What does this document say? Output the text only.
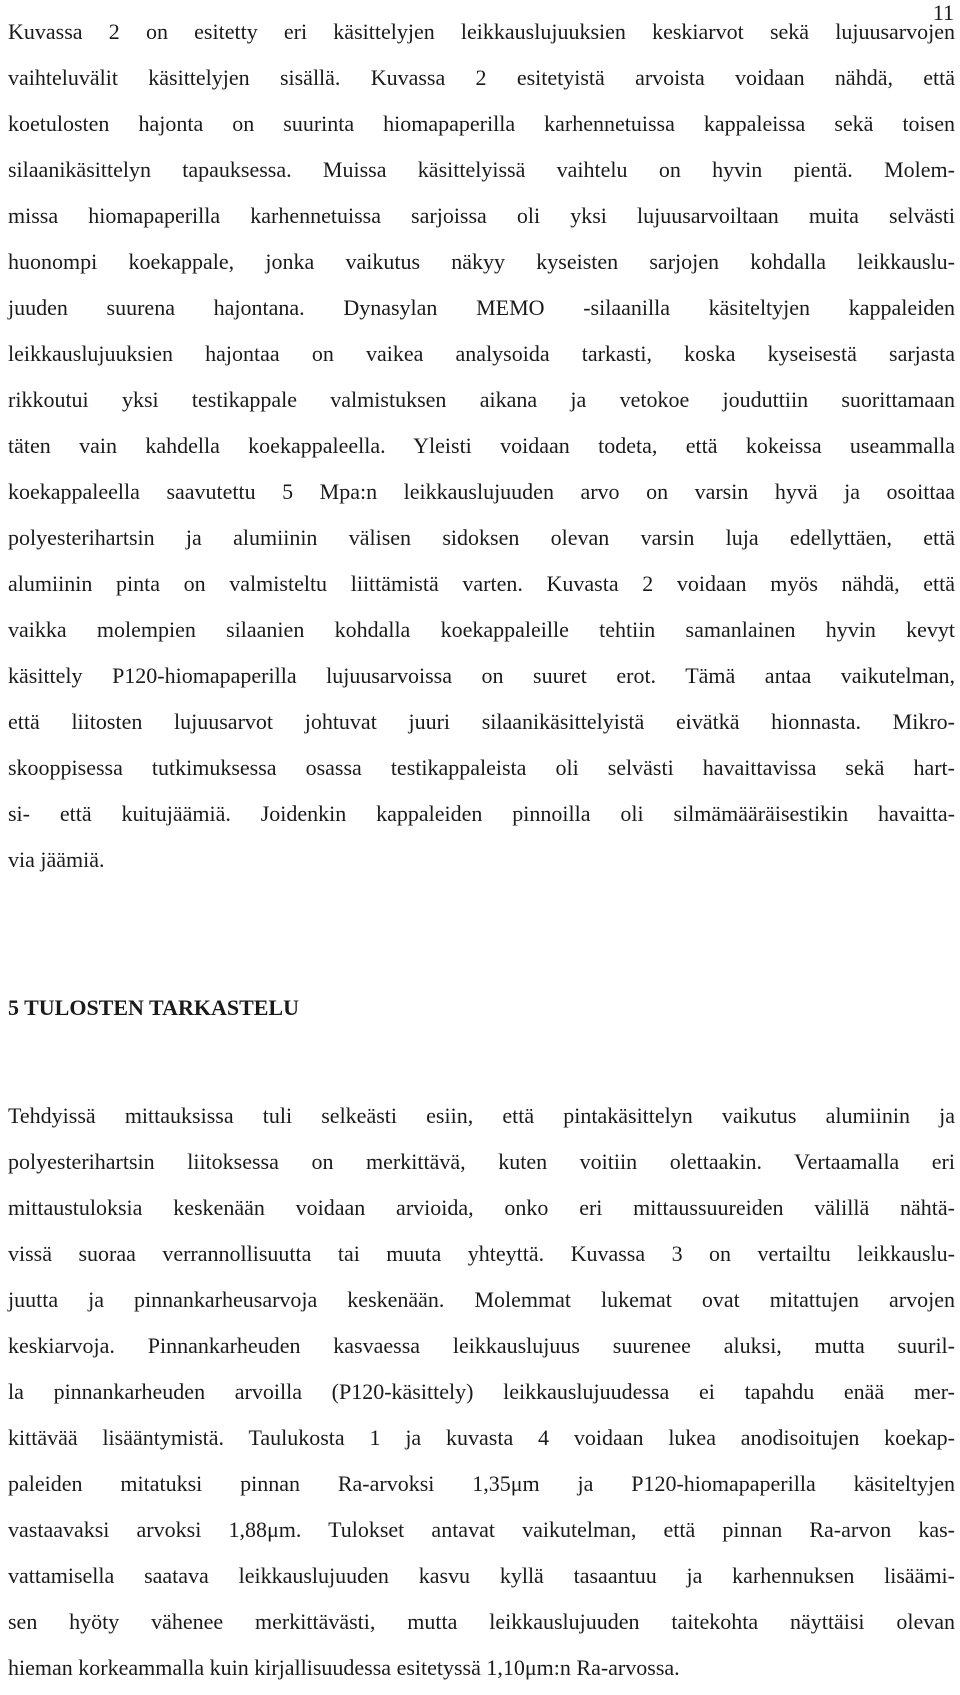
11
Kuvassa 2 on esitetty eri käsittelyjen leikkauslujuuksien keskiarvot sekä lujuusarvojen
vaihteluvälit käsittelyjen sisällä. Kuvassa 2 esitetyistä arvoista voidaan nähdä, että
koetulosten hajonta on suurinta hiomapaperilla karhennetuissa kappaleissa sekä toisen
silaanikäsittelyn tapauksessa. Muissa käsittelyissä vaihtelu on hyvin pientä. Molem-
missa hiomapaperilla karhennetuissa sarjoissa oli yksi lujuusarvoiltaan muita selvästi
huonompi koekappale, jonka vaikutus näkyy kyseisten sarjojen kohdalla leikkauslu-
juuden suurena hajontana. Dynasylan MEMO -silaanilla käsiteltyjen kappaleiden
leikkauslujuuksien hajontaa on vaikea analysoida tarkasti, koska kyseisestä sarjasta
rikkoutui yksi testikappale valmistuksen aikana ja vetokoe jouduttiin suorittamaan
täten vain kahdella koekappaleella. Yleisti voidaan todeta, että kokeissa useammalla
koekappaleella saavutettu 5 Mpa:n leikkauslujuuden arvo on varsin hyvä ja osoittaa
polyesterihartsin ja alumiinin välisen sidoksen olevan varsin luja edellyttäen, että
alumiinin pinta on valmisteltu liittämistä varten. Kuvasta 2 voidaan myös nähdä, että
vaikka molempien silaanien kohdalla koekappaleille tehtiin samanlainen hyvin kevyt
käsittely P120-hiomapaperilla lujuusarvoissa on suuret erot. Tämä antaa vaikutelman,
että liitosten lujuusarvot johtuvat juuri silaanikäsittelyistä eivätkä hionnasta. Mikro-
skooppisessa tutkimuksessa osassa testikappaleista oli selvästi havaittavissa sekä hart-
si- että kuitujäämiä. Joidenkin kappaleiden pinnoilla oli silmämääräisestikin havaitta-
via jäämiä.
5 TULOSTEN TARKASTELU
Tehdyissä mittauksissa tuli selkeästi esiin, että pintakäsittelyn vaikutus alumiinin ja
polyesterihartsin liitoksessa on merkittävä, kuten voitiin olettaakin. Vertaamalla eri
mittaustuloksia keskenään voidaan arvioida, onko eri mittaussuureiden välillä nähtä-
vissä suoraa verrannollisuutta tai muuta yhteyttä. Kuvassa 3 on vertailtu leikkauslu-
juutta ja pinnankarheusarvoja keskenään. Molemmat lukemat ovat mitattujen arvojen
keskiarvoja. Pinnankarheuden kasvaessa leikkauslujuus suurenee aluksi, mutta suuril-
la pinnankarheuden arvoilla (P120-käsittely) leikkauslujuudessa ei tapahdu enää mer-
kittävää lisääntymistä. Taulukosta 1 ja kuvasta 4 voidaan lukea anodisoitujen koekap-
paleiden mitatuksi pinnan Ra-arvoksi 1,35μm ja P120-hiomapaperilla käsiteltyjen
vastaavaksi arvoksi 1,88μm. Tulokset antavat vaikutelman, että pinnan Ra-arvon kas-
vattamisella saatava leikkauslujuuden kasvu kyllä tasaantuu ja karhennuksen lisäämi-
sen hyöty vähenee merkittävästi, mutta leikkauslujuuden taitekohta näyttäisi olevan
hieman korkeammalla kuin kirjallisuudessa esitetyssä 1,10μm:n Ra-arvossa.
